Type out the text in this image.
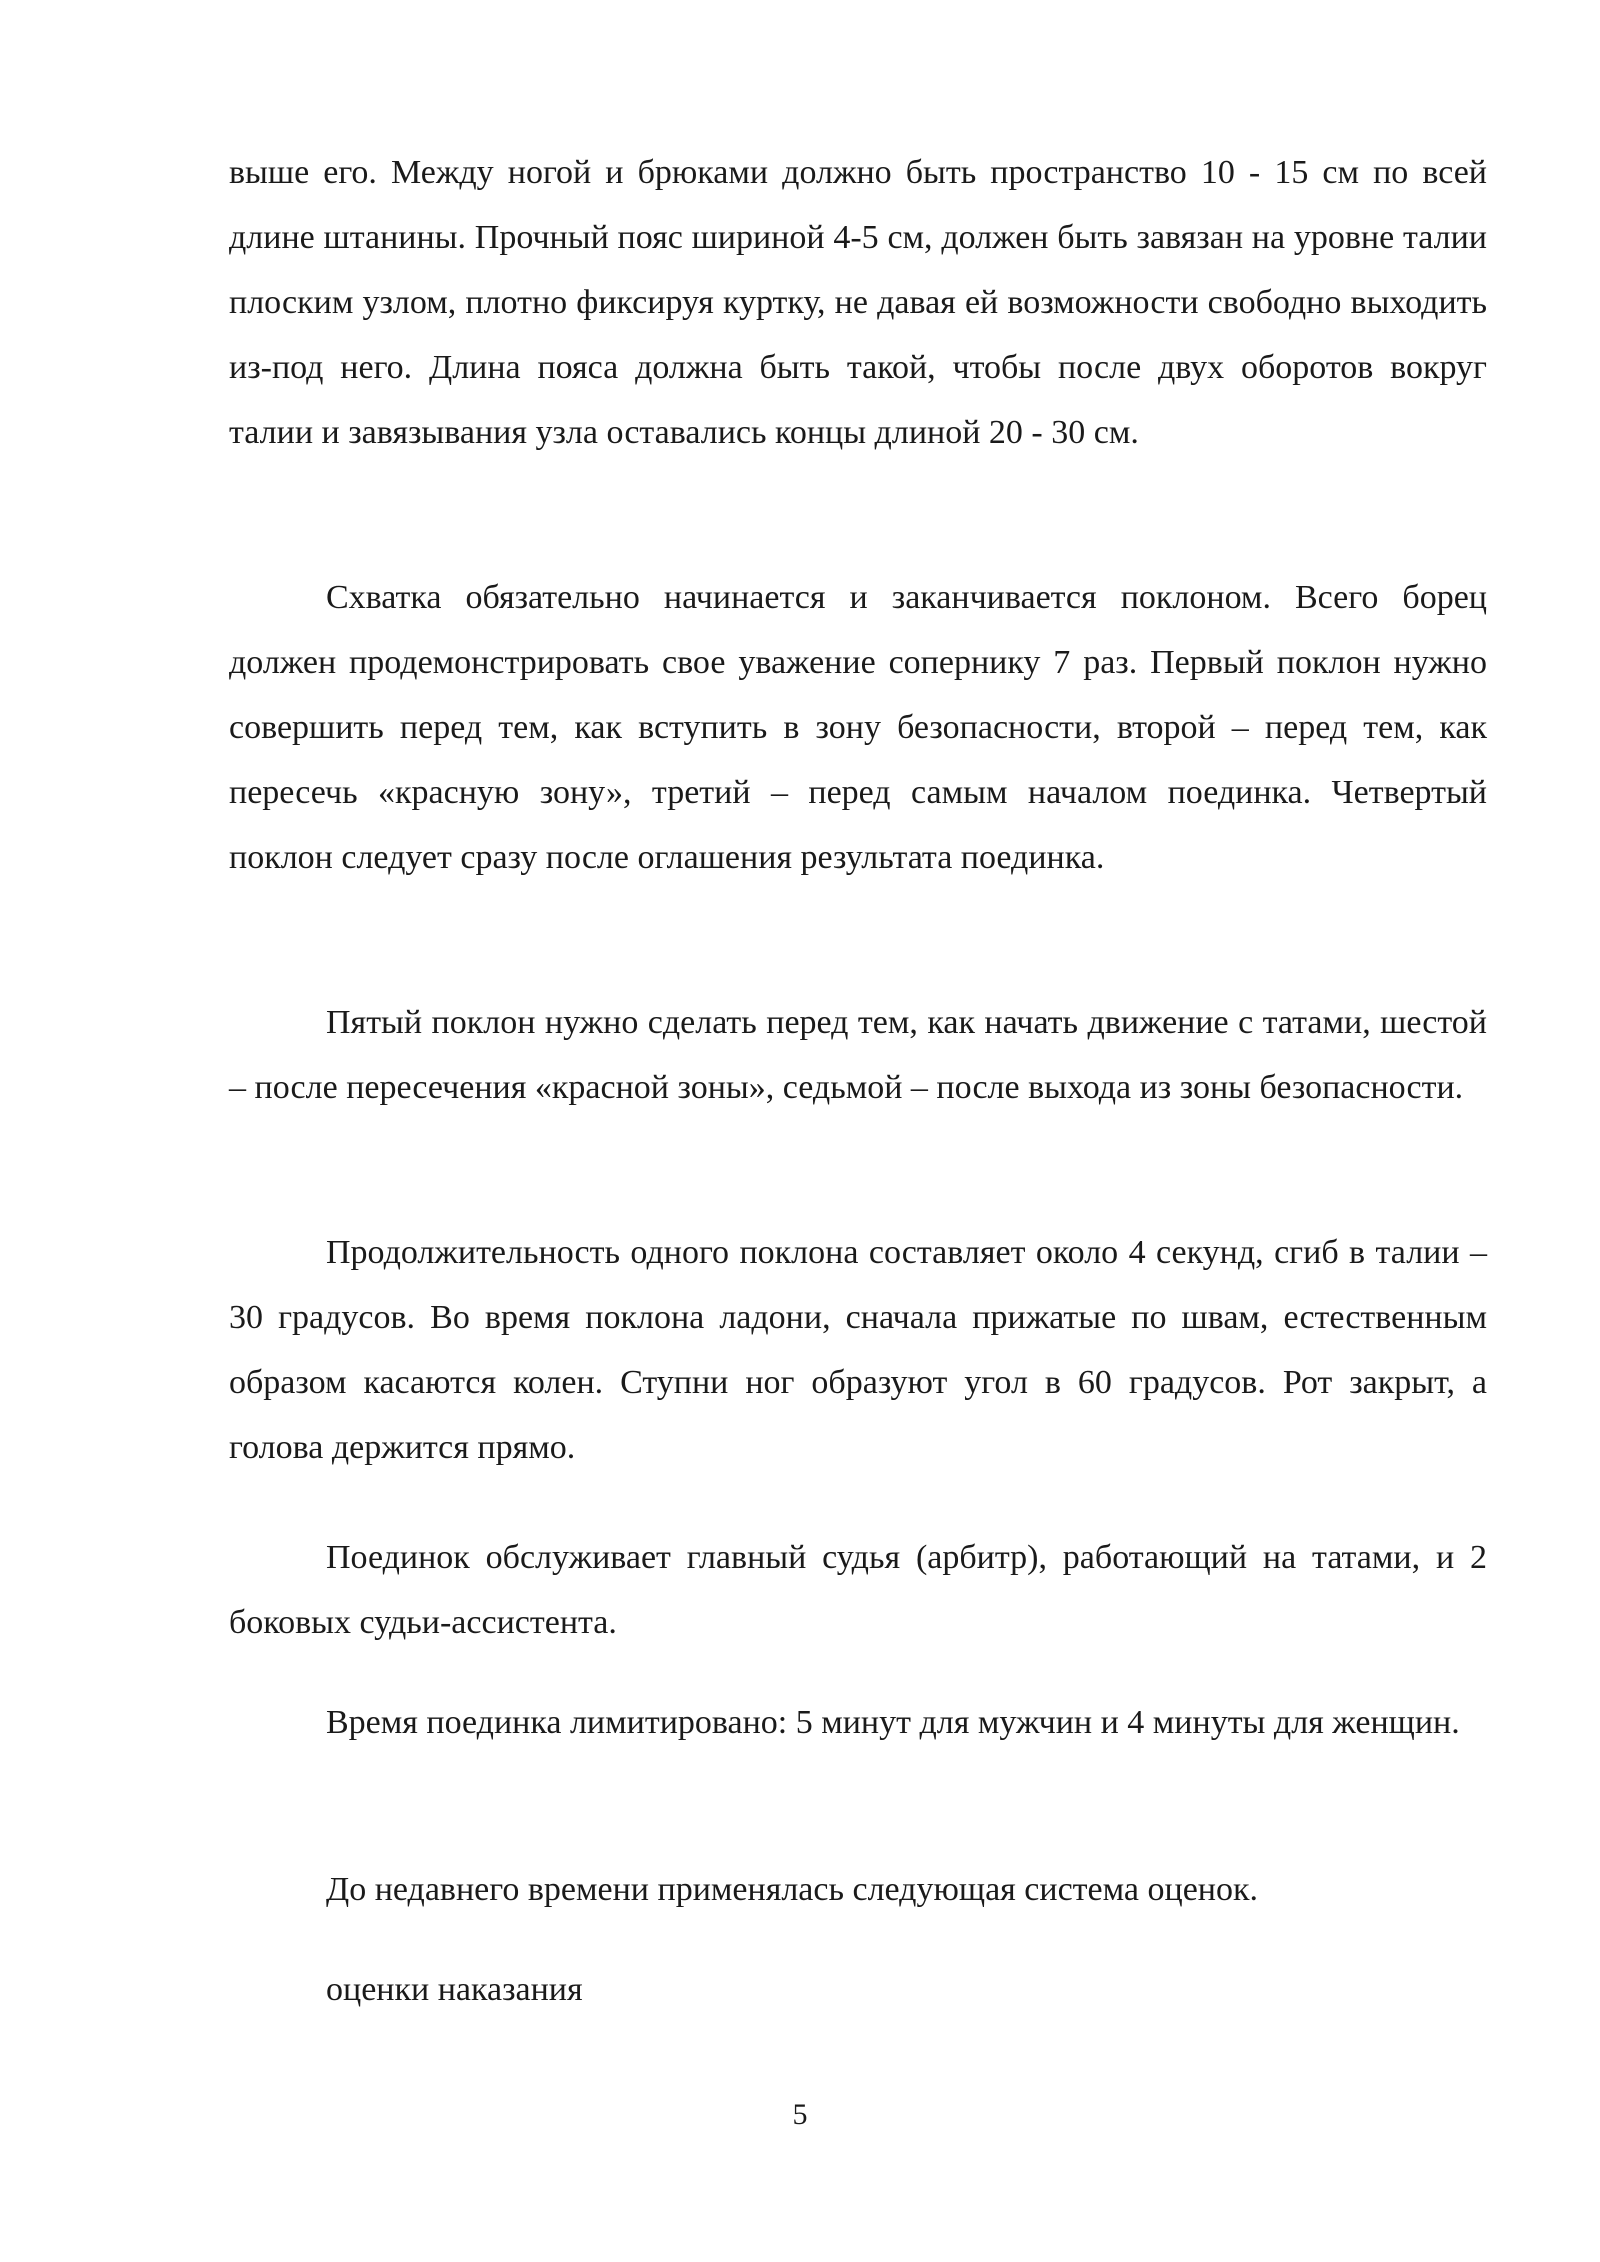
выше его. Между ногой и брюками должно быть пространство 10 - 15 см по всей длине штанины. Прочный пояс шириной 4-5 см, должен быть завязан на уровне талии плоским узлом, плотно фиксируя куртку, не давая ей возможности свободно выходить из-под него. Длина пояса должна быть такой, чтобы после двух оборотов вокруг талии и завязывания узла оставались концы длиной 20 - 30 см.

Схватка обязательно начинается и заканчивается поклоном. Всего борец должен продемонстрировать свое уважение сопернику 7 раз. Первый поклон нужно совершить перед тем, как вступить в зону безопасности, второй – перед тем, как пересечь «красную зону», третий – перед самым началом поединка. Четвертый поклон следует сразу после оглашения результата поединка.

Пятый поклон нужно сделать перед тем, как начать движение с татами, шестой – после пересечения «красной зоны», седьмой – после выхода из зоны безопасности.

Продолжительность одного поклона составляет около 4 секунд, сгиб в талии – 30 градусов. Во время поклона ладони, сначала прижатые по швам, естественным образом касаются колен. Ступни ног образуют угол в 60 градусов. Рот закрыт, а голова держится прямо.

Поединок обслуживает главный судья (арбитр), работающий на татами, и 2 боковых судьи-ассистента.

Время поединка лимитировано: 5 минут для мужчин и 4 минуты для женщин.

До недавнего времени применялась следующая система оценок.

оценки наказания

5
